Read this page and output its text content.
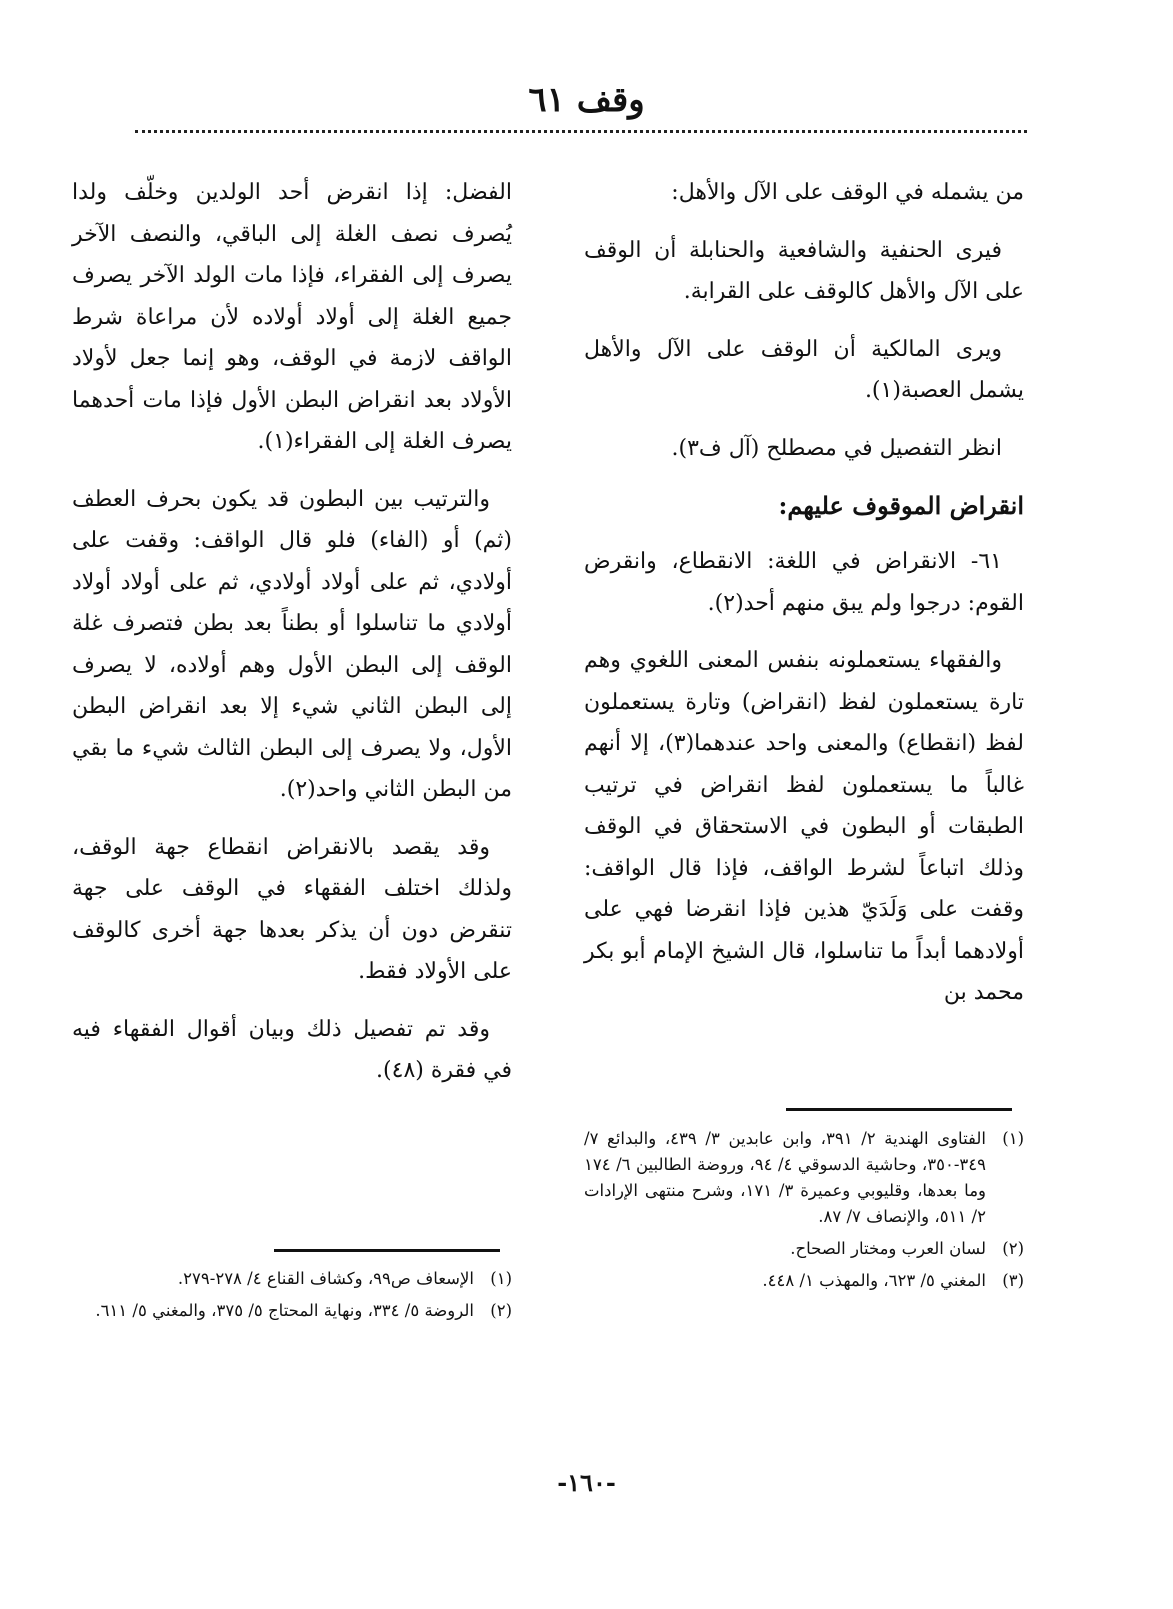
وقف ٦١

من يشمله في الوقف على الآل والأهل:

فيرى الحنفية والشافعية والحنابلة أن الوقف على الآل والأهل كالوقف على القرابة.

ويرى المالكية أن الوقف على الآل والأهل يشمل العصبة(١).

انظر التفصيل في مصطلح (آل ف٣).

انقراض الموقوف عليهم:

٦١- الانقراض في اللغة: الانقطاع، وانقرض القوم: درجوا ولم يبق منهم أحد(٢).

والفقهاء يستعملونه بنفس المعنى اللغوي وهم تارة يستعملون لفظ (انقراض) وتارة يستعملون لفظ (انقطاع) والمعنى واحد عندهما(٣)، إلا أنهم غالباً ما يستعملون لفظ انقراض في ترتيب الطبقات أو البطون في الاستحقاق في الوقف وذلك اتباعاً لشرط الواقف، فإذا قال الواقف: وقفت على وَلَدَيّ هذين فإذا انقرضا فهي على أولادهما أبداً ما تناسلوا، قال الشيخ الإمام أبو بكر محمد بن

الفضل: إذا انقرض أحد الولدين وخلّف ولدا يُصرف نصف الغلة إلى الباقي، والنصف الآخر يصرف إلى الفقراء، فإذا مات الولد الآخر يصرف جميع الغلة إلى أولاد أولاده لأن مراعاة شرط الواقف لازمة في الوقف، وهو إنما جعل لأولاد الأولاد بعد انقراض البطن الأول فإذا مات أحدهما يصرف الغلة إلى الفقراء(١).

والترتيب بين البطون قد يكون بحرف العطف (ثم) أو (الفاء) فلو قال الواقف: وقفت على أولادي، ثم على أولاد أولادي، ثم على أولاد أولاد أولادي ما تناسلوا أو بطناً بعد بطن فتصرف غلة الوقف إلى البطن الأول وهم أولاده، لا يصرف إلى البطن الثاني شيء إلا بعد انقراض البطن الأول، ولا يصرف إلى البطن الثالث شيء ما بقي من البطن الثاني واحد(٢).

وقد يقصد بالانقراض انقطاع جهة الوقف، ولذلك اختلف الفقهاء في الوقف على جهة تنقرض دون أن يذكر بعدها جهة أخرى كالوقف على الأولاد فقط.

وقد تم تفصيل ذلك وبيان أقوال الفقهاء فيه في فقرة (٤٨).

(١)
الفتاوى الهندية ٢/ ٣٩١، وابن عابدين ٣/ ٤٣٩، والبدائع ٧/ ٣٤٩-٣٥٠، وحاشية الدسوقي ٤/ ٩٤، وروضة الطالبين ٦/ ١٧٤ وما بعدها، وقليوبي وعميرة ٣/ ١٧١، وشرح منتهى الإرادات ٢/ ٥١١، والإنصاف ٧/ ٨٧.
(٢)
لسان العرب ومختار الصحاح.
(٣)
المغني ٥/ ٦٢٣، والمهذب ١/ ٤٤٨.
(١)
الإسعاف ص٩٩، وكشاف القناع ٤/ ٢٧٨-٢٧٩.
(٢)
الروضة ٥/ ٣٣٤، ونهاية المحتاج ٥/ ٣٧٥، والمغني ٥/ ٦١١.
-١٦٠-
